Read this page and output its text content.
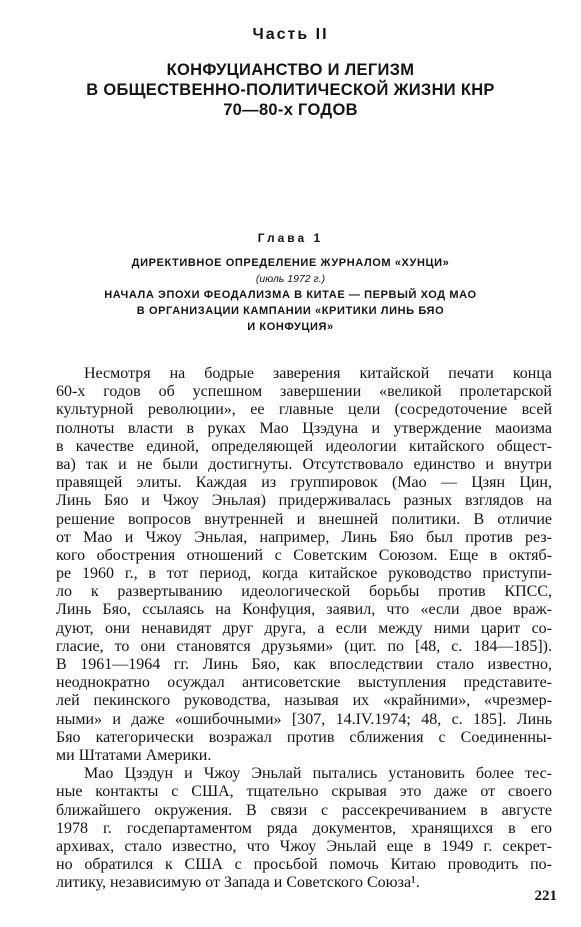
Часть II
КОНФУЦИАНСТВО И ЛЕГИЗМ
В ОБЩЕСТВЕННО-ПОЛИТИЧЕСКОЙ ЖИЗНИ КНР
70—80-х ГОДОВ
Глава 1
ДИРЕКТИВНОЕ ОПРЕДЕЛЕНИЕ ЖУРНАЛОМ «ХУНЦИ»
(июль 1972 г.)
НАЧАЛА ЭПОХИ ФЕОДАЛИЗМА В КИТАЕ — ПЕРВЫЙ ХОД МАО
В ОРГАНИЗАЦИИ КАМПАНИИ «КРИТИКИ ЛИНЬ БЯО
И КОНФУЦИЯ»
Несмотря на бодрые заверения китайской печати конца
60-х годов об успешном завершении «великой пролетарской
культурной революции», ее главные цели (сосредоточение всей
полноты власти в руках Мао Цзэдуна и утверждение маоизма
в качестве единой, определяющей идеологии китайского общест-
ва) так и не были достигнуты. Отсутствовало единство и внутри
правящей элиты. Каждая из группировок (Мао — Цзян Цин,
Линь Бяо и Чжоу Эньлая) придерживалась разных взглядов на
решение вопросов внутренней и внешней политики. В отличие
от Мао и Чжоу Эньлая, например, Линь Бяо был против рез-
кого обострения отношений с Советским Союзом. Еще в октяб-
ре 1960 г., в тот период, когда китайское руководство приступи-
ло к развертыванию идеологической борьбы против КПСС,
Линь Бяо, ссылаясь на Конфуция, заявил, что «если двое враж-
дуют, они ненавидят друг друга, а если между ними царит со-
гласие, то они становятся друзьями» (цит. по [48, с. 184—185]).
В 1961—1964 гг. Линь Бяо, как впоследствии стало известно,
неоднократно осуждал антисоветские выступления представите-
лей пекинского руководства, называя их «крайними», «чрезмер-
ными» и даже «ошибочными» [307, 14.IV.1974; 48, с. 185]. Линь
Бяо категорически возражал против сближения с Соединенны-
ми Штатами Америки.
Мао Цзэдун и Чжоу Эньлай пытались установить более тес-
ные контакты с США, тщательно скрывая это даже от своего
ближайшего окружения. В связи с рассекречиванием в августе
1978 г. госдепартаментом ряда документов, хранящихся в его
архивах, стало известно, что Чжоу Эньлай еще в 1949 г. секрет-
но обратился к США с просьбой помочь Китаю проводить по-
литику, независимую от Запада и Советского Союза¹.
221
